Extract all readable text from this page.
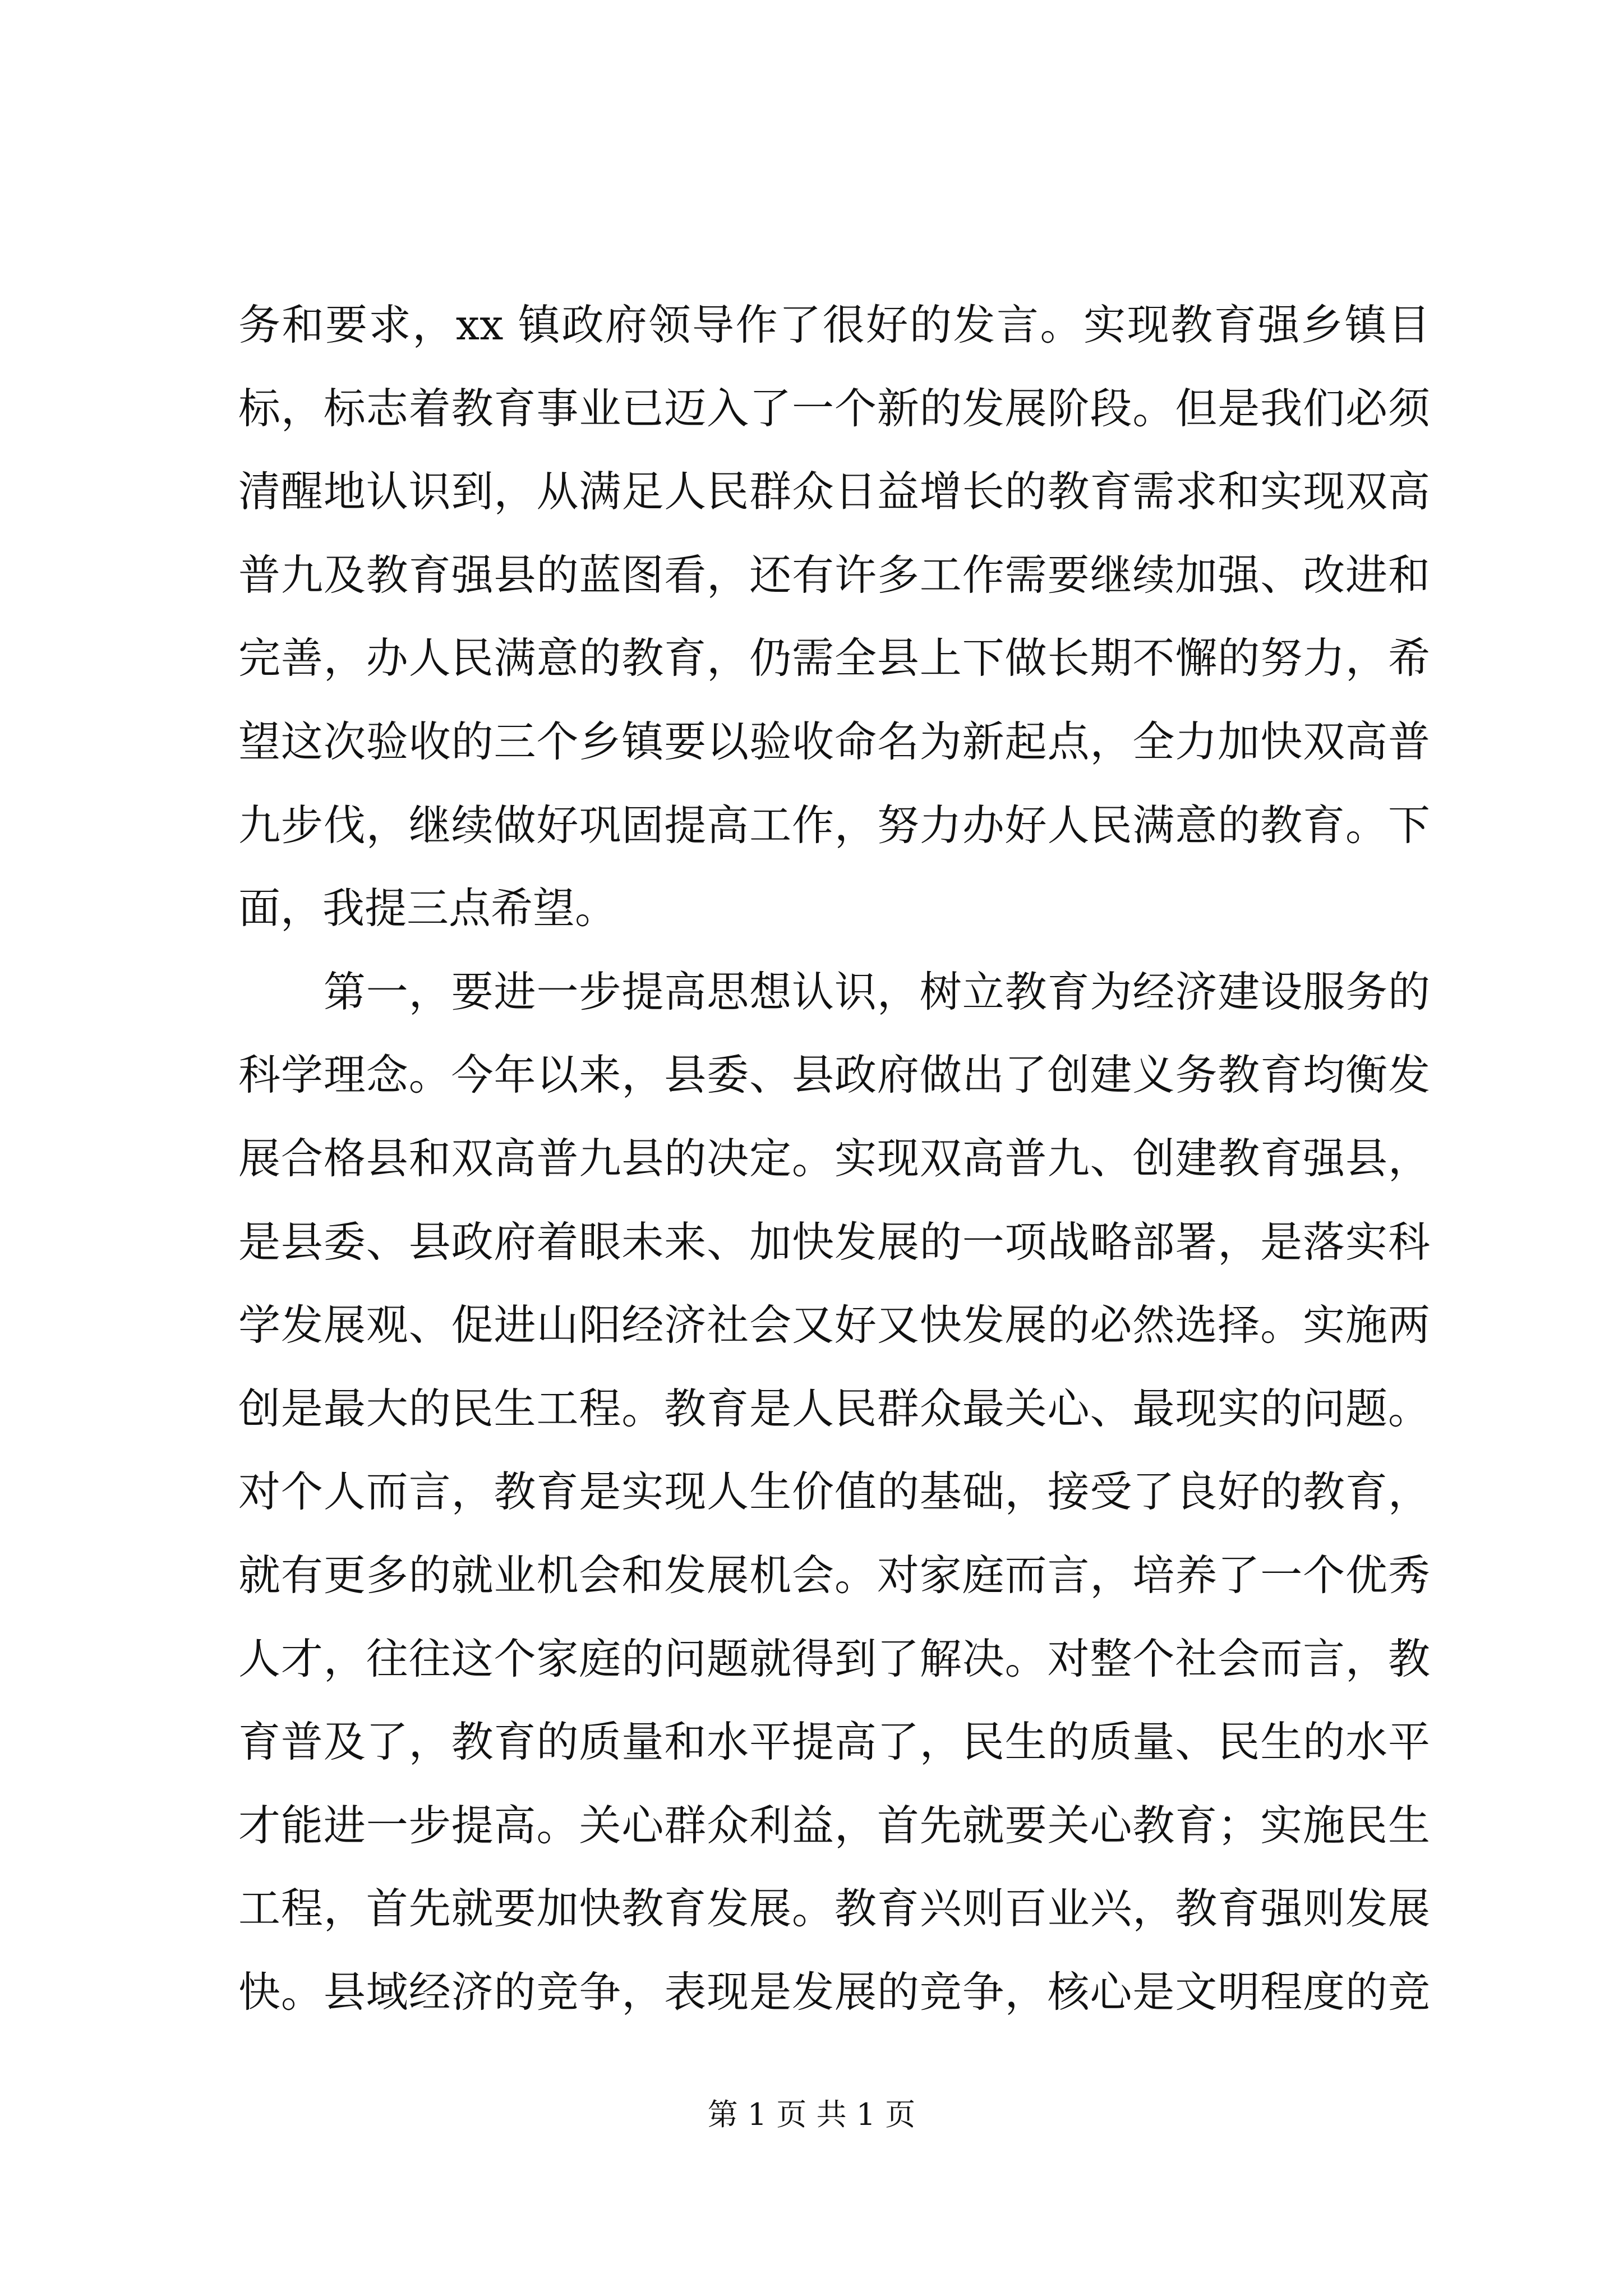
务和要求，xx 镇政府领导作了很好的发言。实现教育强乡镇目
标，标志着教育事业已迈入了一个新的发展阶段。但是我们必须
清醒地认识到，从满足人民群众日益增长的教育需求和实现双高
普九及教育强县的蓝图看，还有许多工作需要继续加强、改进和
完善，办人民满意的教育，仍需全县上下做长期不懈的努力，希
望这次验收的三个乡镇要以验收命名为新起点，全力加快双高普
九步伐，继续做好巩固提高工作，努力办好人民满意的教育。下
面，我提三点希望。
　　第一，要进一步提高思想认识，树立教育为经济建设服务的
科学理念。今年以来，县委、县政府做出了创建义务教育均衡发
展合格县和双高普九县的决定。实现双高普九、创建教育强县，
是县委、县政府着眼未来、加快发展的一项战略部署，是落实科
学发展观、促进山阳经济社会又好又快发展的必然选择。实施两
创是最大的民生工程。教育是人民群众最关心、最现实的问题。
对个人而言，教育是实现人生价值的基础，接受了良好的教育，
就有更多的就业机会和发展机会。对家庭而言，培养了一个优秀
人才，往往这个家庭的问题就得到了解决。对整个社会而言，教
育普及了，教育的质量和水平提高了，民生的质量、民生的水平
才能进一步提高。关心群众利益，首先就要关心教育；实施民生
工程，首先就要加快教育发展。教育兴则百业兴，教育强则发展
快。县域经济的竞争，表现是发展的竞争，核心是文明程度的竞
第 1 页 共 1 页
